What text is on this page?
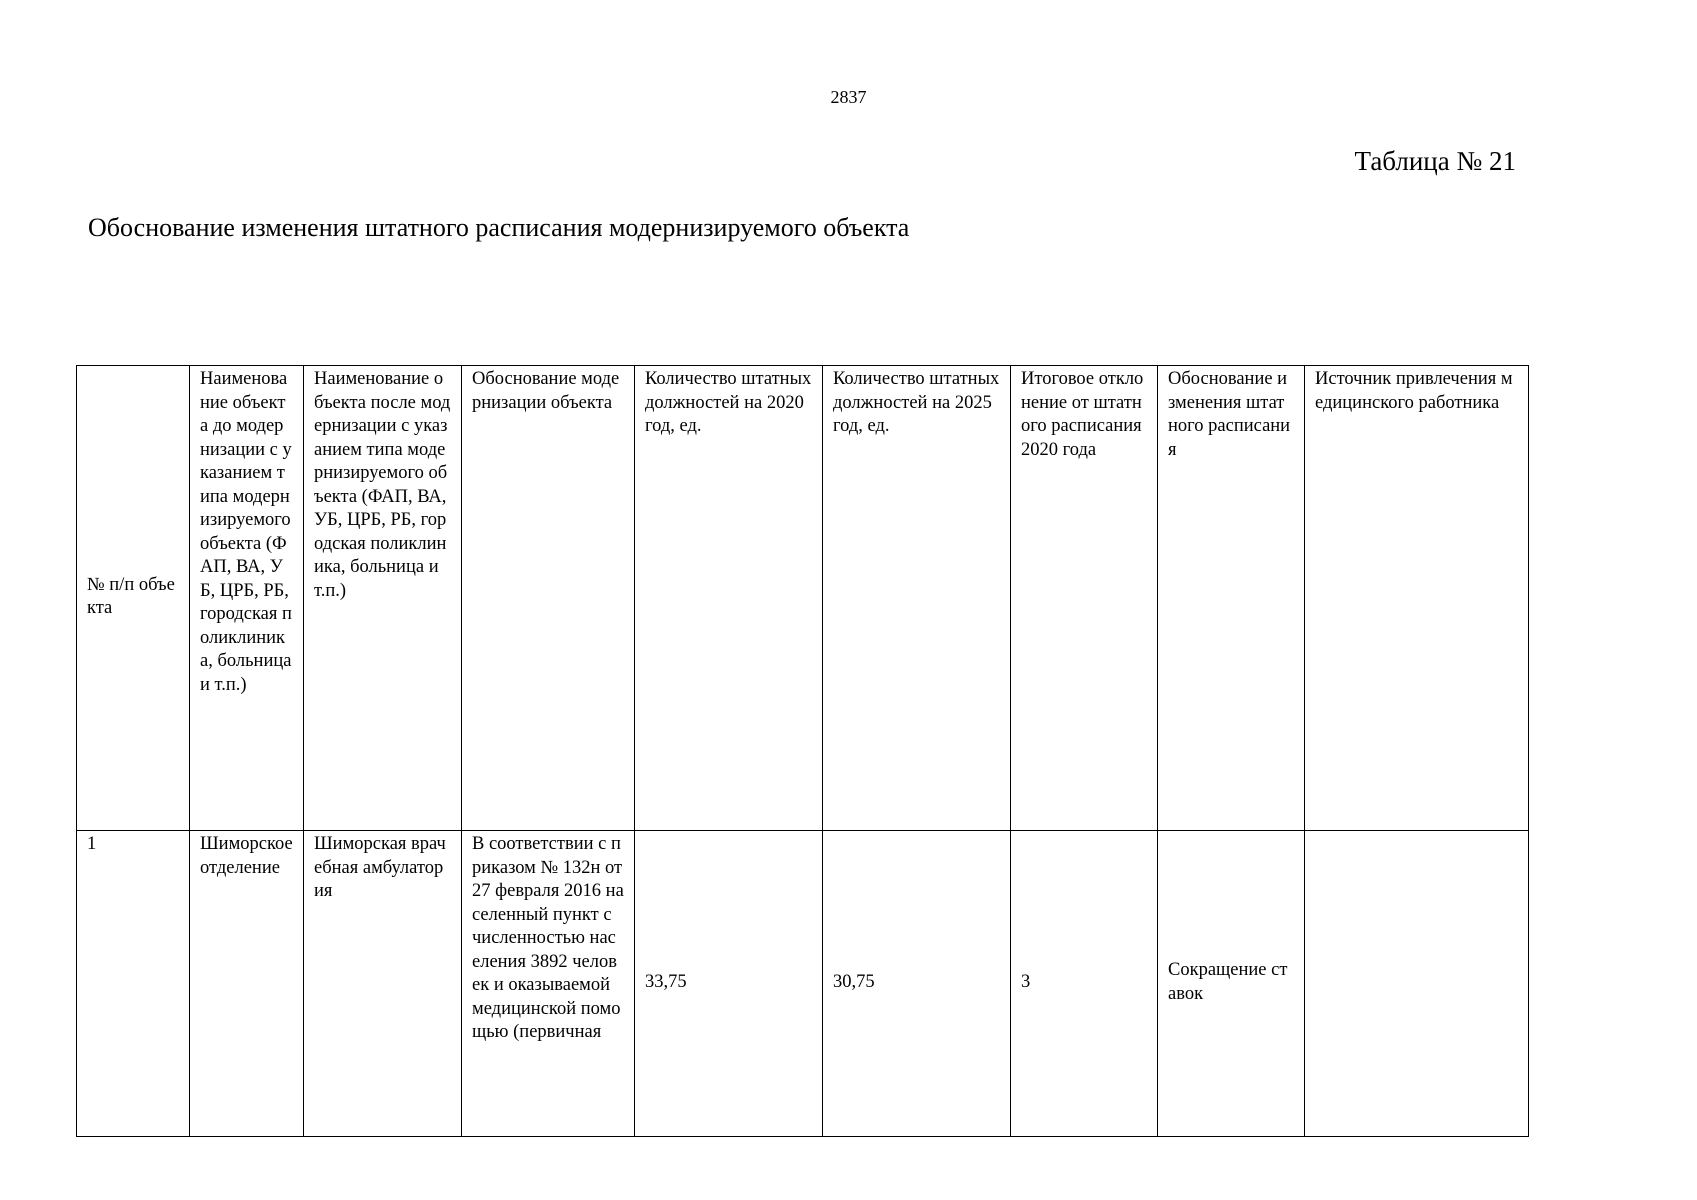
2837
Таблица № 21
Обоснование изменения штатного расписания модернизируемого объекта
№ п/п объекта	Наименование объекта до модернизации с указанием типа модернизируемого объекта (ФАП, ВА, УБ, ЦРБ, РБ, городская поликлиника, больница и т.п.)	Наименование объекта после модернизации с указанием типа модернизируемого объекта (ФАП, ВА, УБ, ЦРБ, РБ, городская поликлиника, больница и т.п.)	Обоснование модернизации объекта	Количество штатных должностей на 2020 год, ед.	Количество штатных должностей на 2025 год, ед.	Итоговое отклонение от штатного расписания 2020 года	Обоснование изменения штатного расписания	Источник привлечения медицинского работника
1	Шиморское отделение	Шиморская врачебная амбулатория	В соответствии с приказом № 132н от 27 февраля 2016 населенный пункт с численностью населения 3892 человек и оказываемой медицинской помощью (первичная	33,75	30,75	3	Сокращение ставок	
